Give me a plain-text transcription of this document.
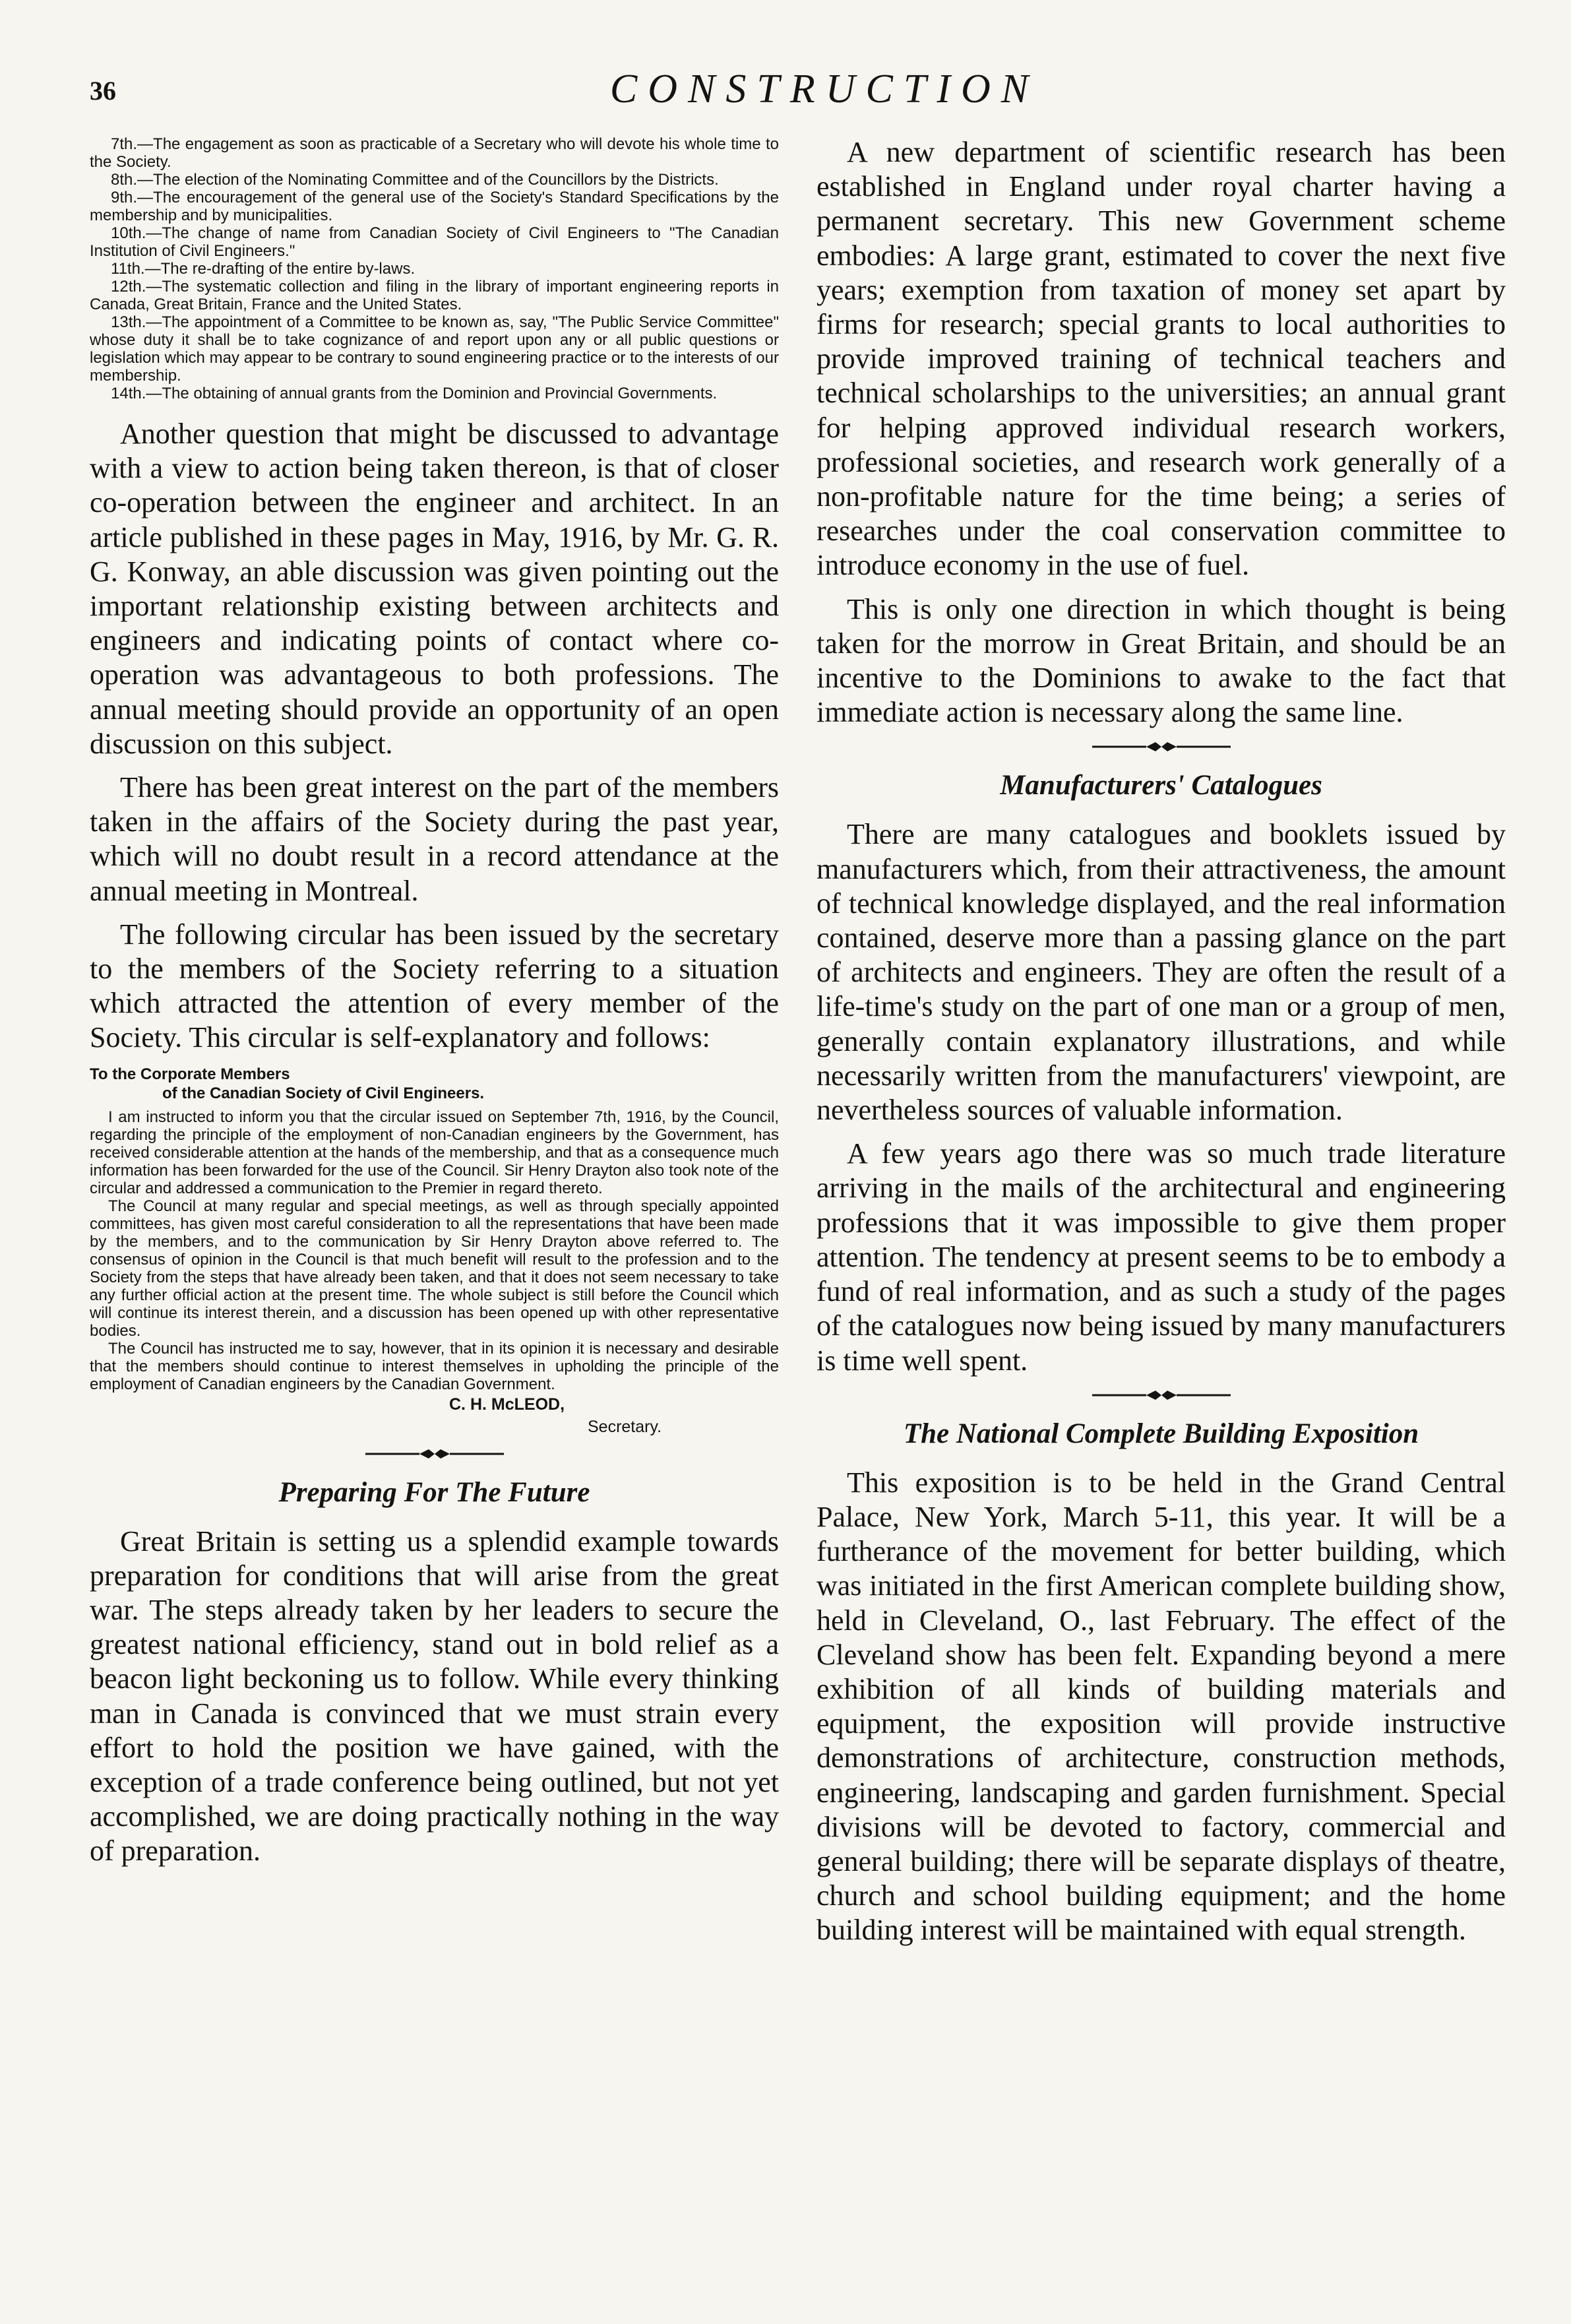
36	CONSTRUCTION

7th.—The engagement as soon as practicable of a Secretary who will devote his whole time to the Society.

8th.—The election of the Nominating Committee and of the Councillors by the Districts.

9th.—The encouragement of the general use of the Society's Standard Specifications by the membership and by municipalities.

10th.—The change of name from Canadian Society of Civil Engineers to "The Canadian Institution of Civil Engineers."

11th.—The re-drafting of the entire by-laws.

12th.—The systematic collection and filing in the library of important engineering reports in Canada, Great Britain, France and the United States.

13th.—The appointment of a Committee to be known as, say, "The Public Service Committee" whose duty it shall be to take cognizance of and report upon any or all public questions or legislation which may appear to be contrary to sound engineering practice or to the interests of our membership.

14th.—The obtaining of annual grants from the Dominion and Provincial Governments.

Another question that might be discussed to advantage with a view to action being taken thereon, is that of closer co-operation between the engineer and architect. In an article published in these pages in May, 1916, by Mr. G. R. G. Konway, an able discussion was given pointing out the important relationship existing between architects and engineers and indicating points of contact where co-operation was advantageous to both professions. The annual meeting should provide an opportunity of an open discussion on this subject.

There has been great interest on the part of the members taken in the affairs of the Society during the past year, which will no doubt result in a record attendance at the annual meeting in Montreal.

The following circular has been issued by the secretary to the members of the Society referring to a situation which attracted the attention of every member of the Society. This circular is self-explanatory and follows:

To the Corporate Members
of the Canadian Society of Civil Engineers.

I am instructed to inform you that the circular issued on September 7th, 1916, by the Council, regarding the principle of the employment of non-Canadian engineers by the Government, has received considerable attention at the hands of the membership, and that as a consequence much information has been forwarded for the use of the Council. Sir Henry Drayton also took note of the circular and addressed a communication to the Premier in regard thereto.

The Council at many regular and special meetings, as well as through specially appointed committees, has given most careful consideration to all the representations that have been made by the members, and to the communication by Sir Henry Drayton above referred to. The consensus of opinion in the Council is that much benefit will result to the profession and to the Society from the steps that have already been taken, and that it does not seem necessary to take any further official action at the present time. The whole subject is still before the Council which will continue its interest therein, and a discussion has been opened up with other representative bodies.

The Council has instructed me to say, however, that in its opinion it is necessary and desirable that the members should continue to interest themselves in upholding the principle of the employment of Canadian engineers by the Canadian Government.

C. H. McLEOD,
Secretary.
Preparing For The Future

Great Britain is setting us a splendid example towards preparation for conditions that will arise from the great war. The steps already taken by her leaders to secure the greatest national efficiency, stand out in bold relief as a beacon light beckoning us to follow. While every thinking man in Canada is convinced that we must strain every effort to hold the position we have gained, with the exception of a trade conference being outlined, but not yet accomplished, we are doing practically nothing in the way of preparation.

A new department of scientific research has been established in England under royal charter having a permanent secretary. This new Government scheme embodies: A large grant, estimated to cover the next five years; exemption from taxation of money set apart by firms for research; special grants to local authorities to provide improved training of technical teachers and technical scholarships to the universities; an annual grant for helping approved individual research workers, professional societies, and research work generally of a non-profitable nature for the time being; a series of researches under the coal conservation committee to introduce economy in the use of fuel.

This is only one direction in which thought is being taken for the morrow in Great Britain, and should be an incentive to the Dominions to awake to the fact that immediate action is necessary along the same line.

Manufacturers' Catalogues

There are many catalogues and booklets issued by manufacturers which, from their attractiveness, the amount of technical knowledge displayed, and the real information contained, deserve more than a passing glance on the part of architects and engineers. They are often the result of a life-time's study on the part of one man or a group of men, generally contain explanatory illustrations, and while necessarily written from the manufacturers' viewpoint, are nevertheless sources of valuable information.

A few years ago there was so much trade literature arriving in the mails of the architectural and engineering professions that it was impossible to give them proper attention. The tendency at present seems to be to embody a fund of real information, and as such a study of the pages of the catalogues now being issued by many manufacturers is time well spent.

The National Complete Building Exposition

This exposition is to be held in the Grand Central Palace, New York, March 5-11, this year. It will be a furtherance of the movement for better building, which was initiated in the first American complete building show, held in Cleveland, O., last February. The effect of the Cleveland show has been felt. Expanding beyond a mere exhibition of all kinds of building materials and equipment, the exposition will provide instructive demonstrations of architecture, construction methods, engineering, landscaping and garden furnishment. Special divisions will be devoted to factory, commercial and general building; there will be separate displays of theatre, church and school building equipment; and the home building interest will be maintained with equal strength.
